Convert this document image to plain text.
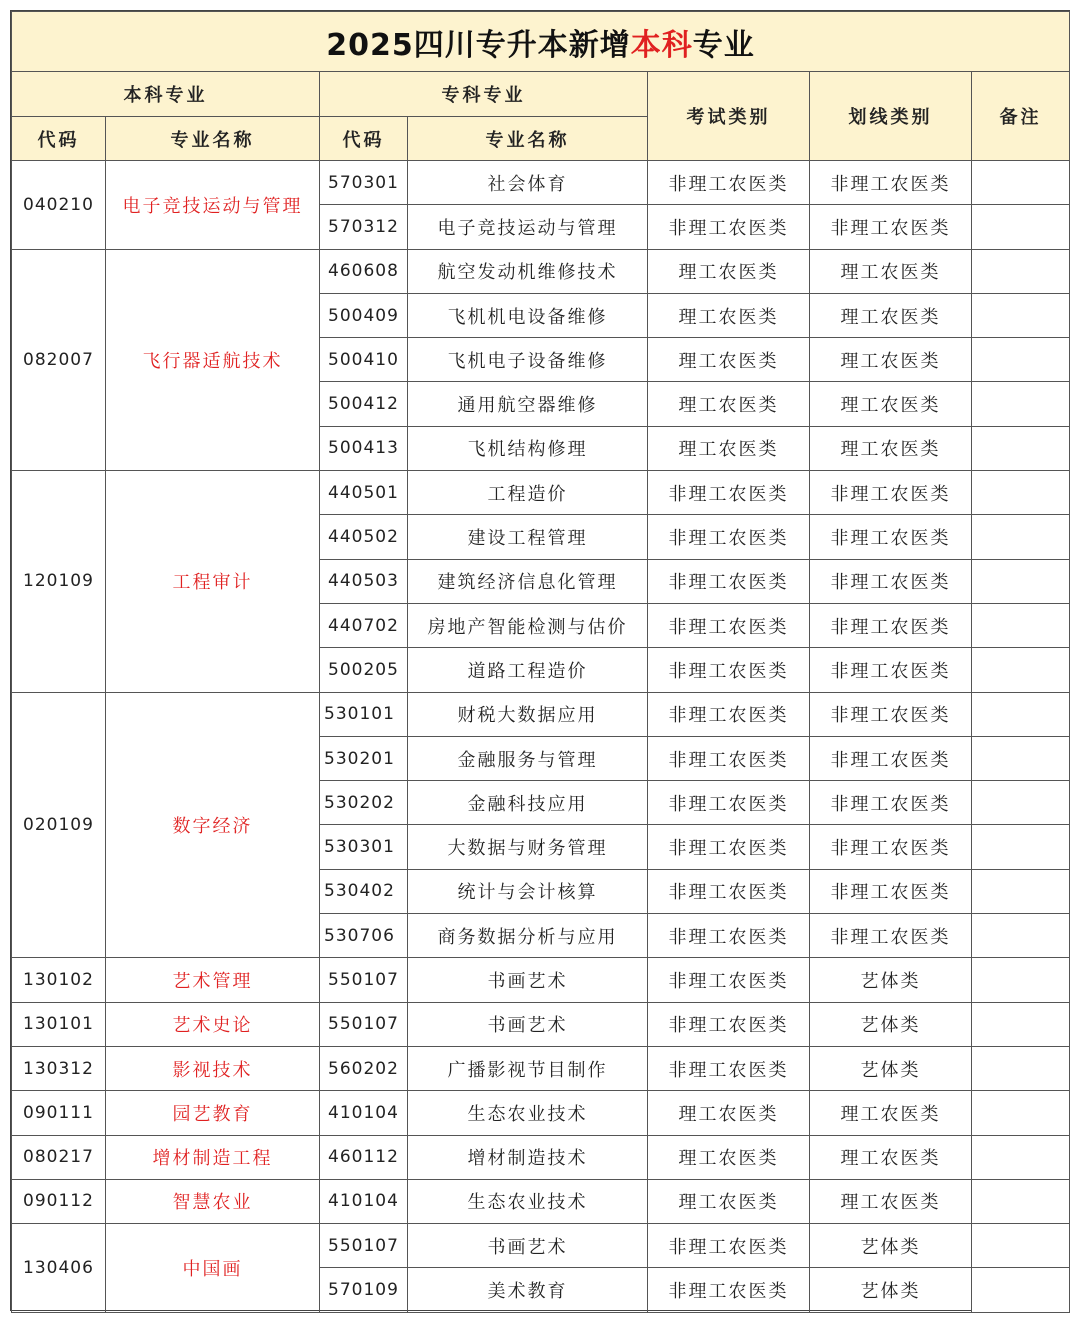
2025四川专升本新增本科专业						
本科专业		专科专业		考试类别	划线类别	备注
代码	专业名称	代码	专业名称			
040210	电子竞技运动与管理	570301	社会体育	非理工农医类	非理工农医类	
		570312	电子竞技运动与管理	非理工农医类	非理工农医类	
082007	飞行器适航技术	460608	航空发动机维修技术	理工农医类	理工农医类	
		500409	飞机机电设备维修	理工农医类	理工农医类	
		500410	飞机电子设备维修	理工农医类	理工农医类	
		500412	通用航空器维修	理工农医类	理工农医类	
		500413	飞机结构修理	理工农医类	理工农医类	
120109	工程审计	440501	工程造价	非理工农医类	非理工农医类	
		440502	建设工程管理	非理工农医类	非理工农医类	
		440503	建筑经济信息化管理	非理工农医类	非理工农医类	
		440702	房地产智能检测与估价	非理工农医类	非理工农医类	
		500205	道路工程造价	非理工农医类	非理工农医类	
020109	数字经济	530101	财税大数据应用	非理工农医类	非理工农医类	
		530201	金融服务与管理	非理工农医类	非理工农医类	
		530202	金融科技应用	非理工农医类	非理工农医类	
		530301	大数据与财务管理	非理工农医类	非理工农医类	
		530402	统计与会计核算	非理工农医类	非理工农医类	
		530706	商务数据分析与应用	非理工农医类	非理工农医类	
130102	艺术管理	550107	书画艺术	非理工农医类	艺体类	
130101	艺术史论	550107	书画艺术	非理工农医类	艺体类	
130312	影视技术	560202	广播影视节目制作	非理工农医类	艺体类	
090111	园艺教育	410104	生态农业技术	理工农医类	理工农医类	
080217	增材制造工程	460112	增材制造技术	理工农医类	理工农医类	
090112	智慧农业	410104	生态农业技术	理工农医类	理工农医类	
130406	中国画	550107	书画艺术	非理工农医类	艺体类	
		570109	美术教育	非理工农医类	艺体类	
